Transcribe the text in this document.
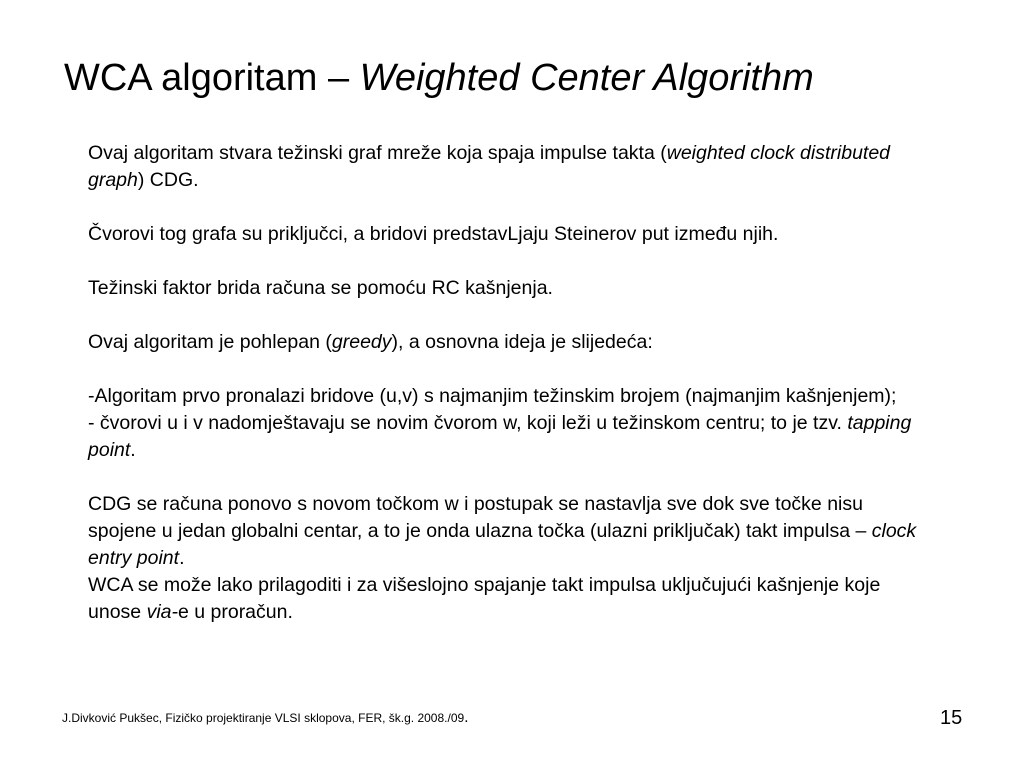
WCA algoritam – Weighted Center Algorithm

Ovaj algoritam stvara težinski graf mreže koja spaja impulse takta (weighted clock distributed graph) CDG.

Čvorovi tog grafa su priključci, a bridovi predstavLjaju Steinerov put između njih.

Težinski faktor brida računa se pomoću RC kašnjenja.

Ovaj algoritam je pohlepan (greedy), a osnovna ideja je slijedeća:

-Algoritam prvo pronalazi bridove (u,v) s najmanjim težinskim brojem (najmanjim kašnjenjem);

- čvorovi u i v nadomještavaju se novim čvorom w, koji leži u težinskom centru; to je tzv. tapping point.

CDG se računa ponovo s novom točkom w i postupak se nastavlja sve dok sve točke nisu spojene u jedan globalni centar, a to je onda ulazna točka (ulazni priključak) takt impulsa – clock entry point.

WCA se može lako prilagoditi i za višeslojno spajanje takt impulsa uključujući kašnjenje koje unose via-e u proračun.

J.Divković Pukšec, Fizičko projektiranje VLSI sklopova, FER, šk.g. 2008./09.	15
